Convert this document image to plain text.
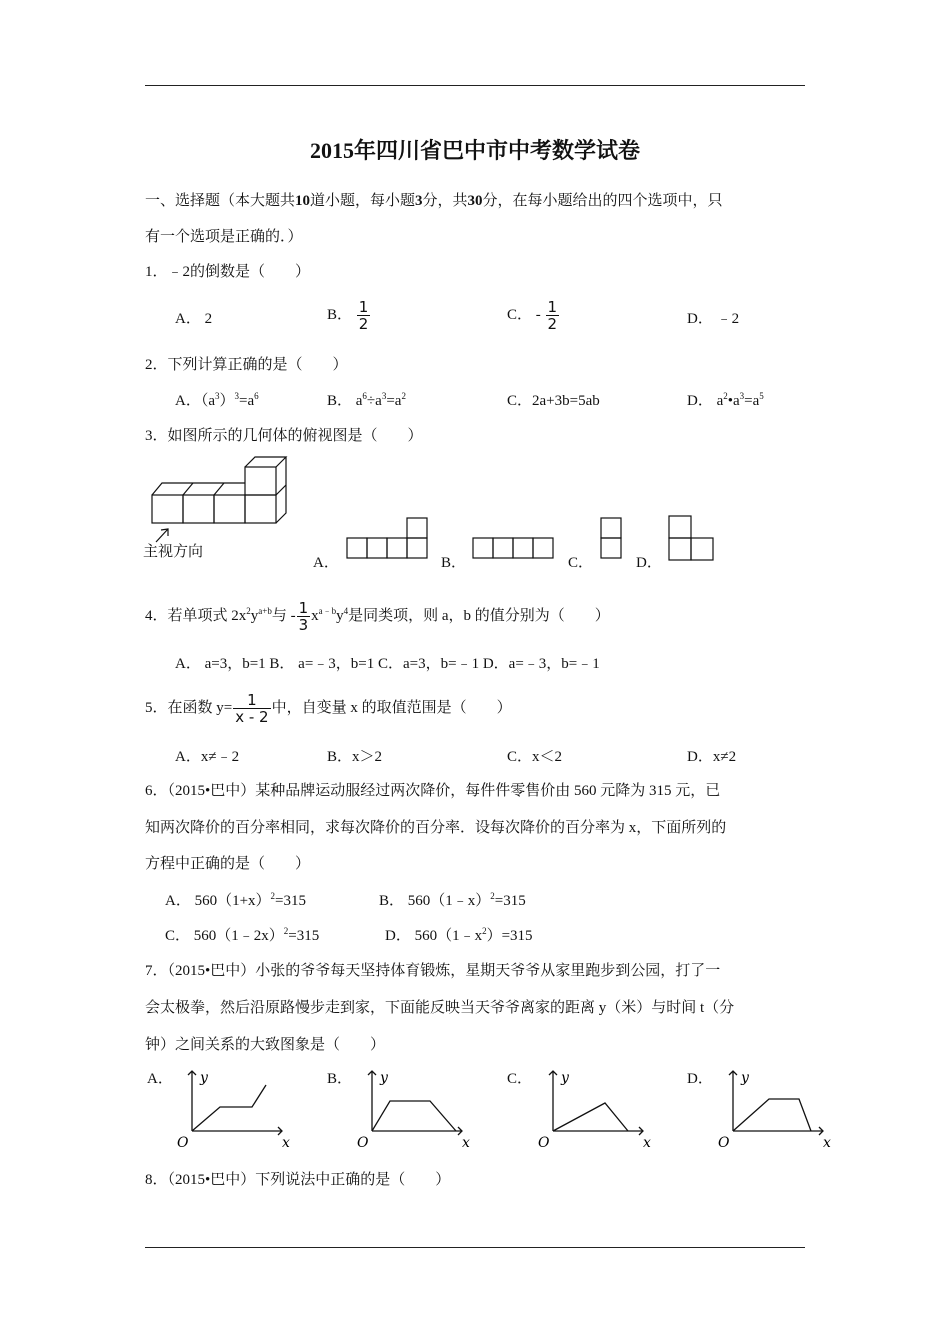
2015年四川省巴中市中考数学试卷
一、选择题（本大题共10道小题，每小题3分，共30分，在每小题给出的四个选项中，只
有一个选项是正确的．）
1．﹣2的倒数是（　　）
A． 2	B． $\frac{1}{2}$	C． - $\frac{1}{2}$	D． ﹣2
2．下列计算正确的是（　　）
A．$(a^3)^3=a^6$	B． $a^6\div a^3=a^2$	C．2a+3b=5ab	D． $a^2•a^3=a^5$
3．如图所示的几何体的俯视图是（　　）
主视方向
A．	B．	C．	D．
4．若单项式 $2x^2y^{a+b}$与 - $\frac{1}{3} x^{a﹣b}y^4$是同类项，则 a，b 的值分别为（　　）
A． a=3，b=1 B． a=﹣3，b=1 C．a=3，b=﹣1 D．a=﹣3，b=﹣1
5．在函数 $y= \frac{1}{x - 2}$ 中，自变量 x 的取值范围是（　　）
A．x≠﹣2	B．x＞2	C．x＜2	D．x≠2
6．（2015•巴中）某种品牌运动服经过两次降价，每件件零售价由 560 元降为 315 元，已
知两次降价的百分率相同，求每次降价的百分率．设每次降价的百分率为 x，下面所列的
方程中正确的是（　　）
A． $560(1+x)^2=315$	B． 560（1﹣x）$^2$=315
C． 560（1﹣2x）$^2$=315	D． $560(1﹣x^2)=315$
7．（2015•巴中）小张的爷爷每天坚持体育锻炼，星期天爷爷从家里跑步到公园，打了一
会太极拳，然后沿原路慢步走到家，下面能反映当天爷爷离家的距离 y（米）与时间 t（分
钟）之间关系的大致图象是（　　）
A．	B．	C．	D．
y
x
O
y
x
O
y
x
O
y
x
O
8．（2015•巴中）下列说法中正确的是（　　）
